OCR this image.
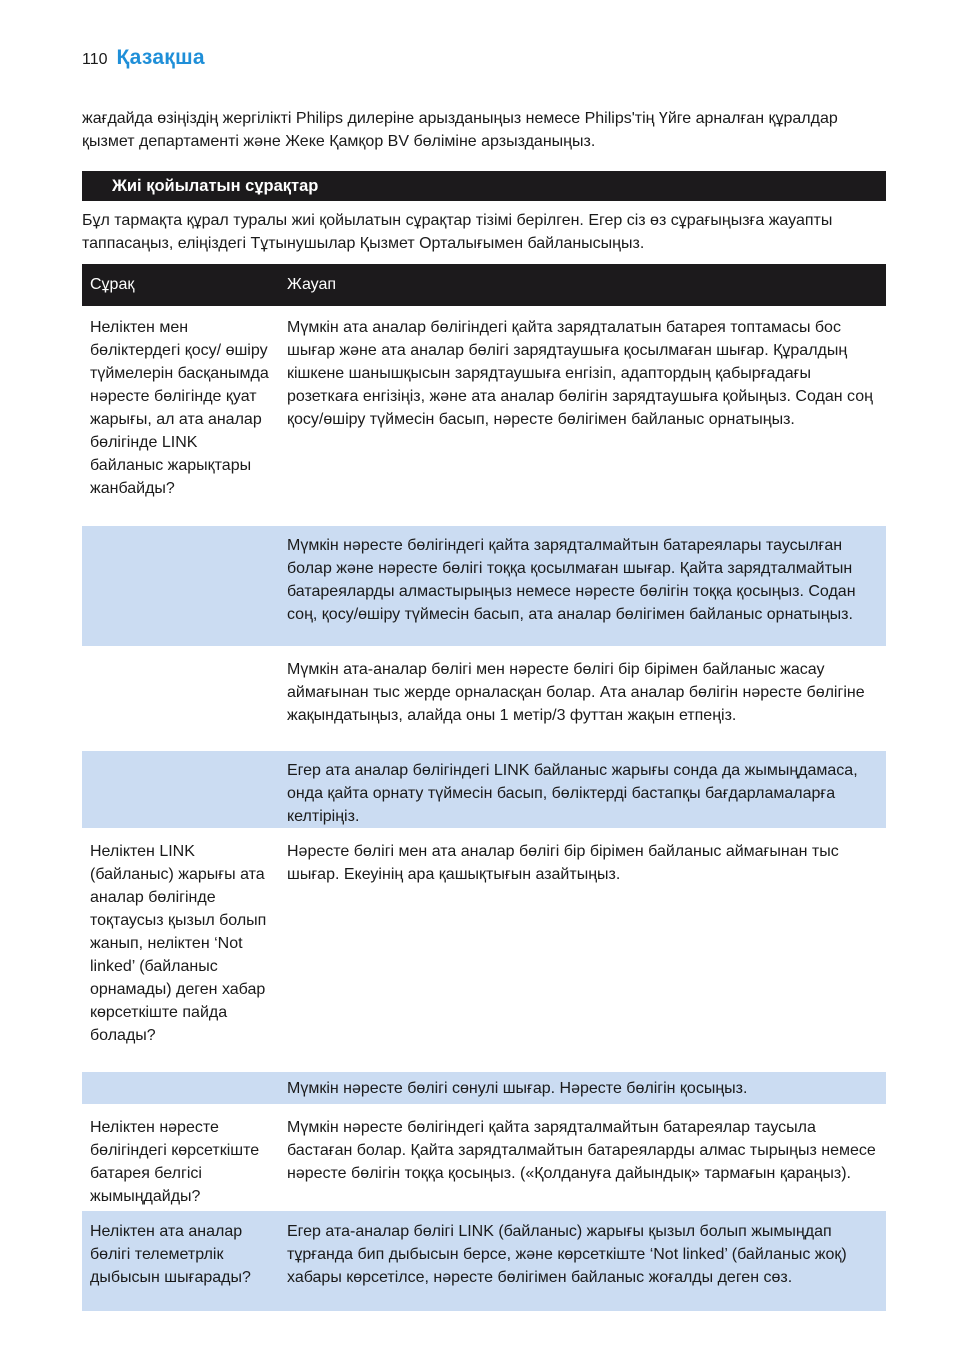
110 Қазақша

жағдайда өзіңіздің жергілікті Philips дилеріне арызданыңыз немесе Philips'тің Үйге арналған құралдар қызмет департаменті және Жеке Қамқор BV бөліміне арзызданыңыз.

Жиі қойылатын сұрақтар

Бұл тармақта құрал туралы жиі қойылатын сұрақтар тізімі берілген. Егер сіз өз сұрағыңызға жауапты таппасаңыз, еліңіздегі Тұтынушылар Қызмет Орталығымен байланысыңыз.

Сұрақ	Жауап
Неліктен мен бөліктердегі қосу/ өшіру түймелерін басқанымда нәресте бөлігінде қуат жарығы, ал ата аналар бөлігінде LINK байланыс жарықтары жанбайды?	Мүмкін ата аналар бөлігіндегі қайта зарядталатын батарея топтамасы бос шығар және ата аналар бөлігі зарядтаушыға қосылмаған шығар. Құралдың кішкене шанышқысын зарядтаушыға енгізіп, адаптордың қабырғадағы розеткаға енгізіңіз, және ата аналар бөлігін зарядтаушыға қойыңыз. Содан соң қосу/өшіру түймесін басып, нәресте бөлігімен байланыс орнатыңыз.
	Мүмкін нәресте бөлігіндегі қайта зарядталмайтын батареялары таусылған болар және нәресте бөлігі тоққа қосылмаған шығар. Қайта зарядталмайтын батареяларды алмастырыңыз немесе нәресте бөлігін тоққа қосыңыз. Содан соң, қосу/өшіру түймесін басып, ата аналар бөлігімен байланыс орнатыңыз.
	Мүмкін ата-аналар бөлігі мен нәресте бөлігі бір бірімен байланыс жасау аймағынан тыс жерде орналасқан болар. Ата аналар бөлігін нәресте бөлігіне жақындатыңыз, алайда оны 1 метір/3 футтан жақын етпеңіз.
	Егер ата аналар бөлігіндегі LINK байланыс жарығы сонда да жымыңдамаса, онда қайта орнату түймесін басып, бөліктерді бастапқы бағдарламаларға келтіріңіз.
Неліктен LINK (байланыс) жарығы ата аналар бөлігінде тоқтаусыз қызыл болып жанып, неліктен ‘Not linked’ (байланыс орнамады) деген хабар көрсеткіште пайда болады?	Нәресте бөлігі мен ата аналар бөлігі бір бірімен байланыс аймағынан тыс шығар. Екеуінің ара қашықтығын азайтыңыз.
	Мүмкін нәресте бөлігі сөнулі шығар. Нәресте бөлігін қосыңыз.
Неліктен нәресте бөлігіндегі көрсеткіште батарея белгісі жымыңдайды?	Мүмкін нәресте бөлігіндегі қайта зарядталмайтын батареялар таусыла бастаған болар. Қайта зарядталмайтын батареяларды алмас тырыңыз немесе нәресте бөлігін тоққа қосыңыз. («Қолдануға дайындық» тармағын қараңыз).
Неліктен ата аналар бөлігі телеметрлік дыбысын шығарады?	Егер ата-аналар бөлігі LINK (байланыс) жарығы қызыл болып жымыңдап тұрғанда бип дыбысын берсе, және көрсеткіште ‘Not linked’ (байланыс жоқ) хабары көрсетілсе, нәресте бөлігімен байланыс жоғалды деген сөз.
